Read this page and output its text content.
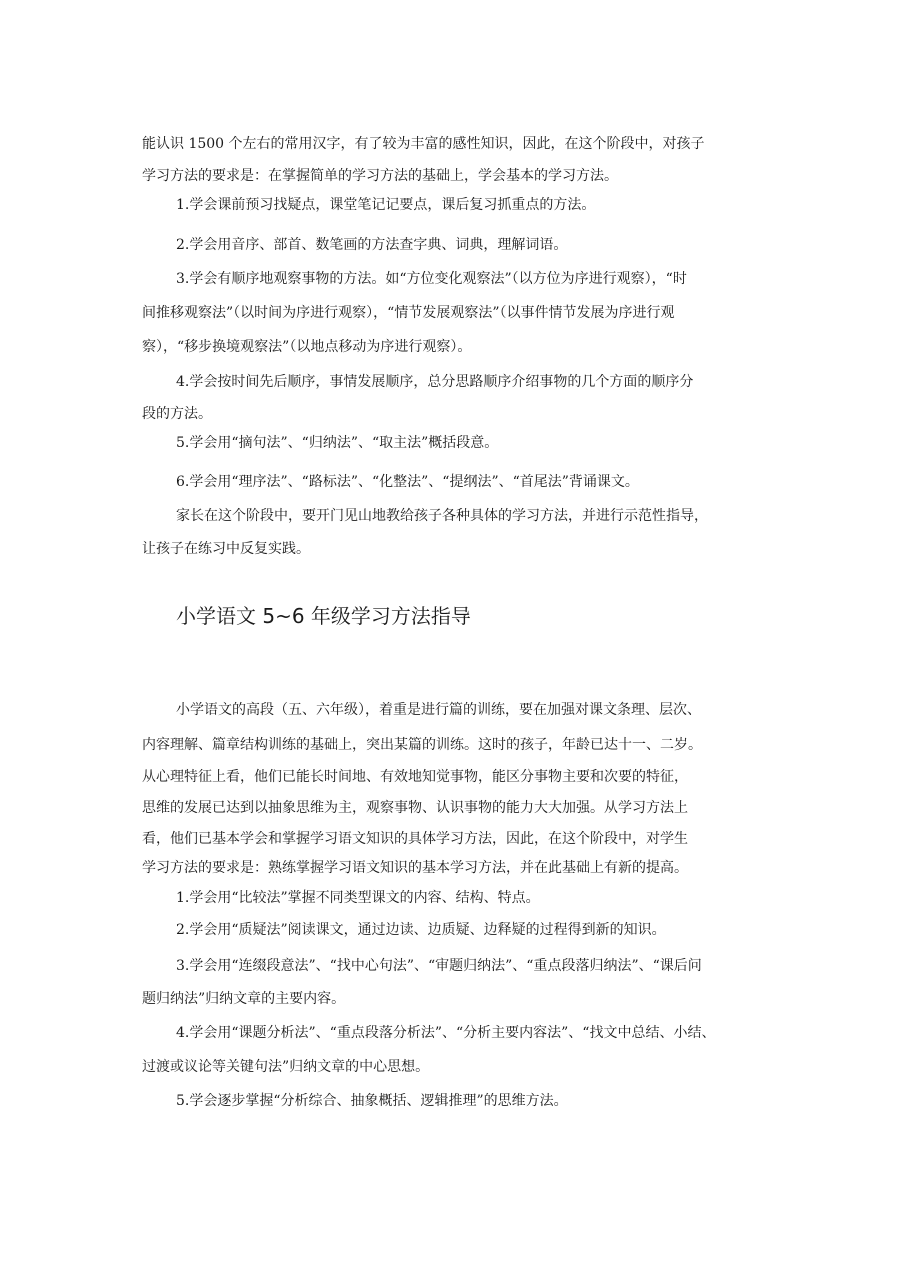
能认识 1500 个左右的常用汉字，有了较为丰富的感性知识，因此，在这个阶段中，对孩子
学习方法的要求是：在掌握简单的学习方法的基础上，学会基本的学习方法。
1.学会课前预习找疑点，课堂笔记记要点，课后复习抓重点的方法。
2.学会用音序、部首、数笔画的方法查字典、词典，理解词语。
3.学会有顺序地观察事物的方法。如“方位变化观察法”（以方位为序进行观察），“时
间推移观察法”（以时间为序进行观察），“情节发展观察法”（以事件情节发展为序进行观
察），“移步换境观察法”（以地点移动为序进行观察）。
4.学会按时间先后顺序，事情发展顺序，总分思路顺序介绍事物的几个方面的顺序分
段的方法。
5.学会用“摘句法”、“归纳法”、“取主法”概括段意。
6.学会用“理序法”、“路标法”、“化整法”、“提纲法”、“首尾法”背诵课文。
家长在这个阶段中，要开门见山地教给孩子各种具体的学习方法，并进行示范性指导，
让孩子在练习中反复实践。
小学语文 5~6 年级学习方法指导
小学语文的高段（五、六年级），着重是进行篇的训练，要在加强对课文条理、层次、
内容理解、篇章结构训练的基础上，突出某篇的训练。这时的孩子，年龄已达十一、二岁。
从心理特征上看，他们已能长时间地、有效地知觉事物，能区分事物主要和次要的特征，
思维的发展已达到以抽象思维为主，观察事物、认识事物的能力大大加强。从学习方法上
看，他们已基本学会和掌握学习语文知识的具体学习方法，因此，在这个阶段中，对学生
学习方法的要求是：熟练掌握学习语文知识的基本学习方法，并在此基础上有新的提高。
1.学会用“比较法”掌握不同类型课文的内容、结构、特点。
2.学会用“质疑法”阅读课文，通过边读、边质疑、边释疑的过程得到新的知识。
3.学会用“连缀段意法”、“找中心句法”、“审题归纳法”、“重点段落归纳法”、“课后问
题归纳法”归纳文章的主要内容。
4.学会用“课题分析法”、“重点段落分析法”、“分析主要内容法”、“找文中总结、小结、
过渡或议论等关键句法”归纳文章的中心思想。
5.学会逐步掌握“分析综合、抽象概括、逻辑推理”的思维方法。
